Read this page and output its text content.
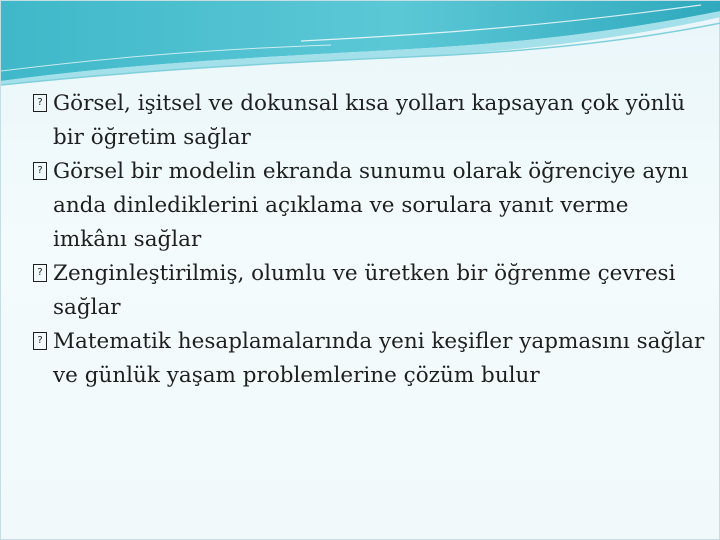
? Görsel, işitsel ve dokunsal kısa yolları kapsayan çok yönlü bir öğretim sağlar

? Görsel bir modelin ekranda sunumu olarak öğrenciye aynı anda dinlediklerini açıklama ve sorulara yanıt verme imkânı sağlar

? Zenginleştirilmiş, olumlu ve üretken bir öğrenme çevresi sağlar

? Matematik hesaplamalarında yeni keşifler yapmasını sağlar ve günlük yaşam problemlerine çözüm bulur
